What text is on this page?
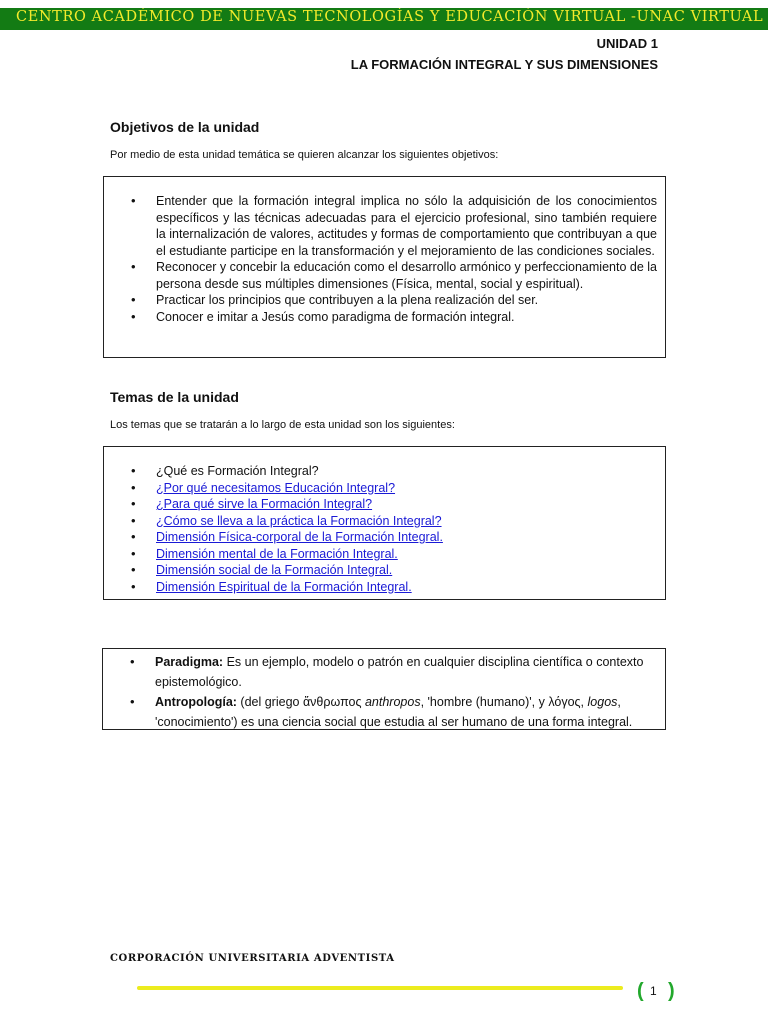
CENTRO ACADÉMICO DE NUEVAS TECNOLOGÍAS Y EDUCACIÓN VIRTUAL -UNAC VIRTUAL
UNIDAD 1
LA FORMACIÓN INTEGRAL Y SUS DIMENSIONES
Objetivos de la unidad
Por medio de esta unidad temática se quieren alcanzar los siguientes objetivos:
• Entender que la formación integral implica no sólo la adquisición de los conocimientos específicos y las técnicas adecuadas para el ejercicio profesional, sino también requiere la internalización de valores, actitudes y formas de comportamiento que contribuyan a que el estudiante participe en la transformación y el mejoramiento de las condiciones sociales.
• Reconocer y concebir la educación como el desarrollo armónico y perfeccionamiento de la persona desde sus múltiples dimensiones (Física, mental, social y espiritual).
• Practicar los principios que contribuyen a la plena realización del ser.
• Conocer e imitar a Jesús como paradigma de formación integral.
Temas de la unidad
Los temas que se tratarán a lo largo de esta unidad son los siguientes:
• ¿Qué es Formación Integral?
• ¿Por qué necesitamos Educación Integral?
• ¿Para qué sirve la Formación Integral?
• ¿Cómo se lleva a la práctica la Formación Integral?
• Dimensión Física-corporal de la Formación Integral.
• Dimensión mental de la Formación Integral.
• Dimensión social de la Formación Integral.
• Dimensión Espiritual de la Formación Integral.
• Paradigma: Es un ejemplo, modelo o patrón en cualquier disciplina científica o contexto epistemológico.
• Antropología: (del griego ἄνθρωπος anthropos, 'hombre (humano)', y λόγος, logos, 'conocimiento') es una ciencia social que estudia al ser humano de una forma integral.
CORPORACIÓN UNIVERSITARIA ADVENTISTA
( 1 )
